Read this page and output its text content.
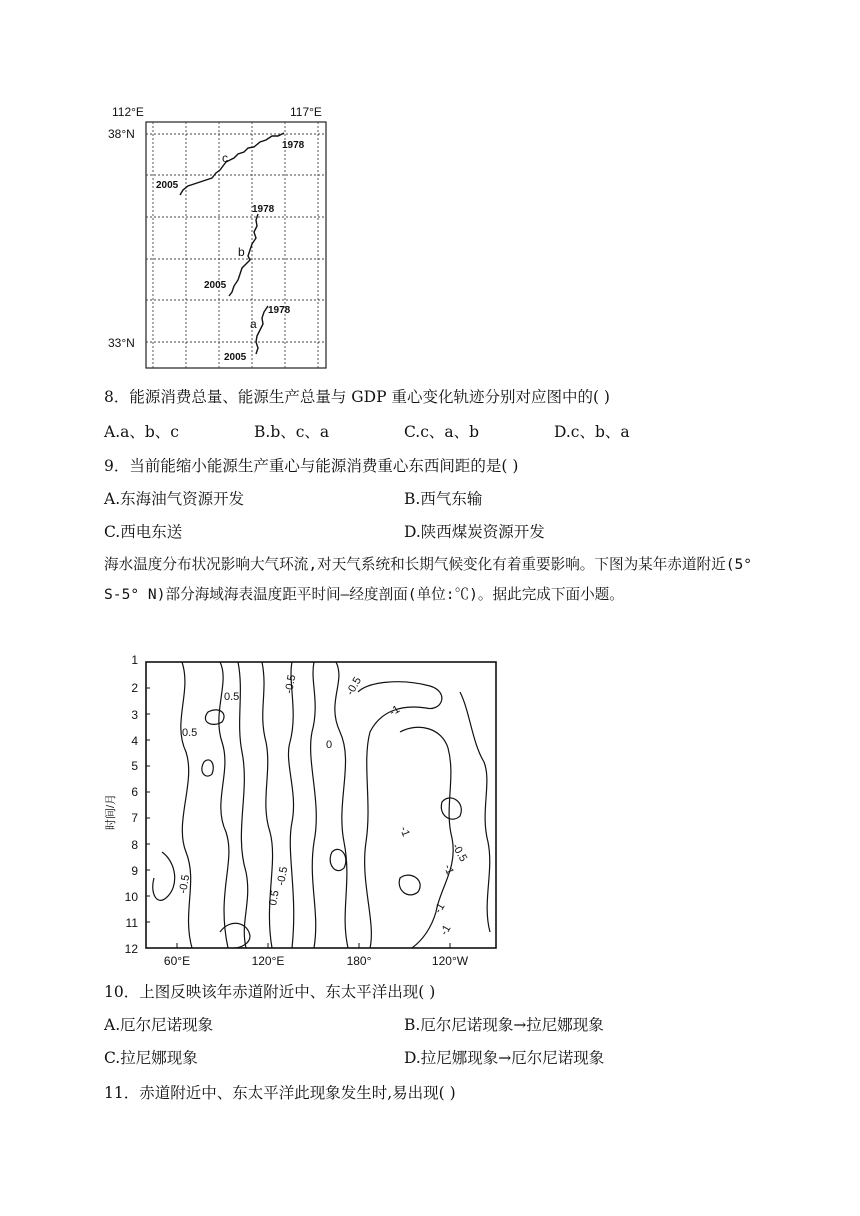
112°E	117°E
38°N
33°N
c
1978
2005
b
1978
2005
a
1978
2005
8．能源消费总量、能源生产总量与 GDP 重心变化轨迹分别对应图中的( )
A.a、b、c	B.b、c、a	C.c、a、b	D.c、b、a
9．当前能缩小能源生产重心与能源消费重心东西间距的是( )
A.东海油气资源开发	B.西气东输
C.西电东送	D.陕西煤炭资源开发
海水温度分布状况影响大气环流,对天气系统和长期气候变化有着重要影响。下图为某年赤道附近(5° S-5° N)部分海域海表温度距平时间—经度剖面(单位:℃)。据此完成下面小题。
时间/月
1
2
3
4
5
6
7
8
9
10
11
12
60°E	120°E	180°	120°W
0.5
0.5
-0.5	-0.5
-1
0
-1
-0.5
-1
-0.5	-0.5
0.5
-1
-1
10．上图反映该年赤道附近中、东太平洋出现( )
A.厄尔尼诺现象	B.厄尔尼诺现象→拉尼娜现象
C.拉尼娜现象	D.拉尼娜现象→厄尔尼诺现象
11．赤道附近中、东太平洋此现象发生时,易出现( )
